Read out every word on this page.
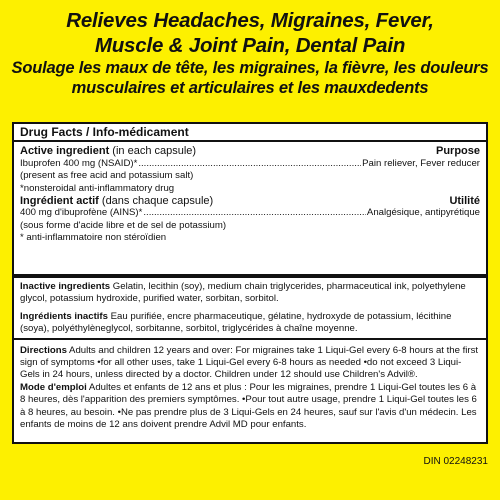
Relieves Headaches, Migraines, Fever,
Muscle & Joint Pain, Dental Pain
Soulage les maux de tête, les migraines, la fièvre, les douleurs
musculaires et articulaires et les mauxdedents
Drug Facts / Info-médicament
Active ingredient (in each capsule)	Purpose
Ibuprofen 400 mg (NSAID)* .....	Pain reliever, Fever reducer
(present as free acid and potassium salt)
*nonsteroidal anti-inflammatory drug
Ingrédient actif (dans chaque capsule)	Utilité
400 mg d'ibuprofène (AINS)* .....	Analgésique, antipyrétique
(sous forme d'acide libre et de sel de potassium)
* anti-inflammatoire non stéroïdien

Inactive ingredients Gelatin, lecithin (soy), medium chain triglycerides, pharmaceutical ink, polyethylene glycol, potassium hydroxide, purified water, sorbitan, sorbitol.

Ingrédients inactifs Eau purifiée, encre pharmaceutique, gélatine, hydroxyde de potassium, lécithine (soya), polyéthylèneglycol, sorbitanne, sorbitol, triglycérides à chaîne moyenne.

Directions Adults and children 12 years and over: For migraines take 1 Liqui-Gel every 6-8 hours at the first sign of symptoms •for all other uses, take 1 Liqui-Gel every 6-8 hours as needed •do not exceed 3 Liqui-Gels in 24 hours, unless directed by a doctor. Children under 12 should use Children's Advil®.

Mode d'emploi Adultes et enfants de 12 ans et plus : Pour les migraines, prendre 1 Liqui-Gel toutes les 6 à 8 heures, dès l'apparition des premiers symptômes. •Pour tout autre usage, prendre 1 Liqui-Gel toutes les 6 à 8 heures, au besoin. •Ne pas prendre plus de 3 Liqui-Gels en 24 heures, sauf sur l'avis d'un médecin. Les enfants de moins de 12 ans doivent prendre Advil MD pour enfants.

DIN 02248231
